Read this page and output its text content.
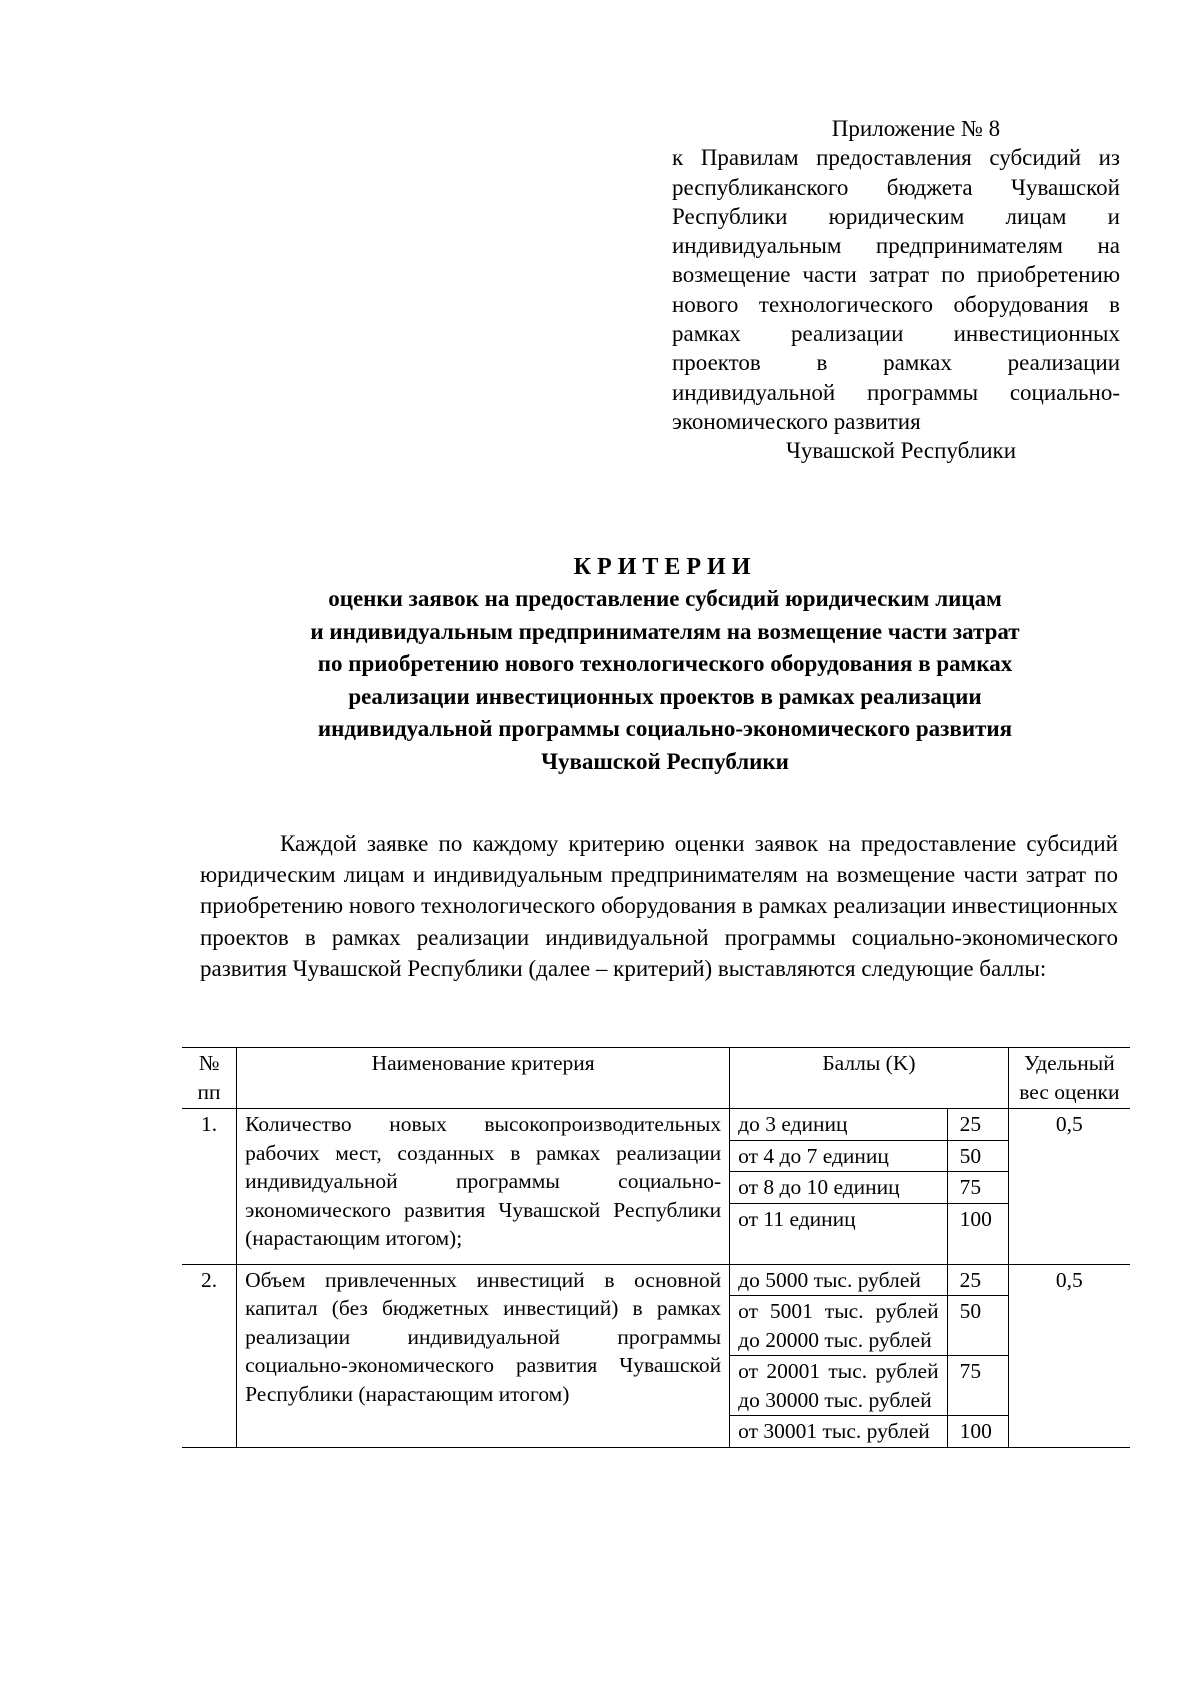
Приложение № 8
к Правилам предоставления субсидий из республиканского бюджета Чувашской Республики юридическим лицам и индивидуальным предпринимателям на возмещение части затрат по приобретению нового технологического оборудования в рамках реализации инвестиционных проектов в рамках реализации индивидуальной программы социально-экономического развития
Чувашской Республики
КРИТЕРИИ
оценки заявок на предоставление субсидий юридическим лицам
и индивидуальным предпринимателям на возмещение части затрат
по приобретению нового технологического оборудования в рамках
реализации инвестиционных проектов в рамках реализации
индивидуальной программы социально-экономического развития
Чувашской Республики

Каждой заявке по каждому критерию оценки заявок на предоставление субсидий юридическим лицам и индивидуальным предпринимателям на возмещение части затрат по приобретению нового технологического оборудования в рамках реализации инвестиционных проектов в рамках реализации индивидуальной программы социально-экономического развития Чувашской Республики (далее – критерий) выставляются следующие баллы:

№ пп	Наименование критерия	Баллы (K)		Удельный вес оценки
1.	Количество новых высокопроизводительных рабочих мест, созданных в рамках реализации индивидуальной программы социально-экономического развития Чувашской Республики (нарастающим итогом);	до 3 единиц	25	0,5
		от 4 до 7 единиц	50	
		от 8 до 10 единиц	75	
		от 11 единиц	100	
2.	Объем привлеченных инвестиций в основной капитал (без бюджетных инвестиций) в рамках реализации индивидуальной программы социально-экономического развития Чувашской Республики (нарастающим итогом)	до 5000 тыс. рублей	25	0,5
		от 5001 тыс. рублей до 20000 тыс. рублей	50	
		от 20001 тыс. рублей до 30000 тыс. рублей	75	
		от 30001 тыс. рублей	100	
